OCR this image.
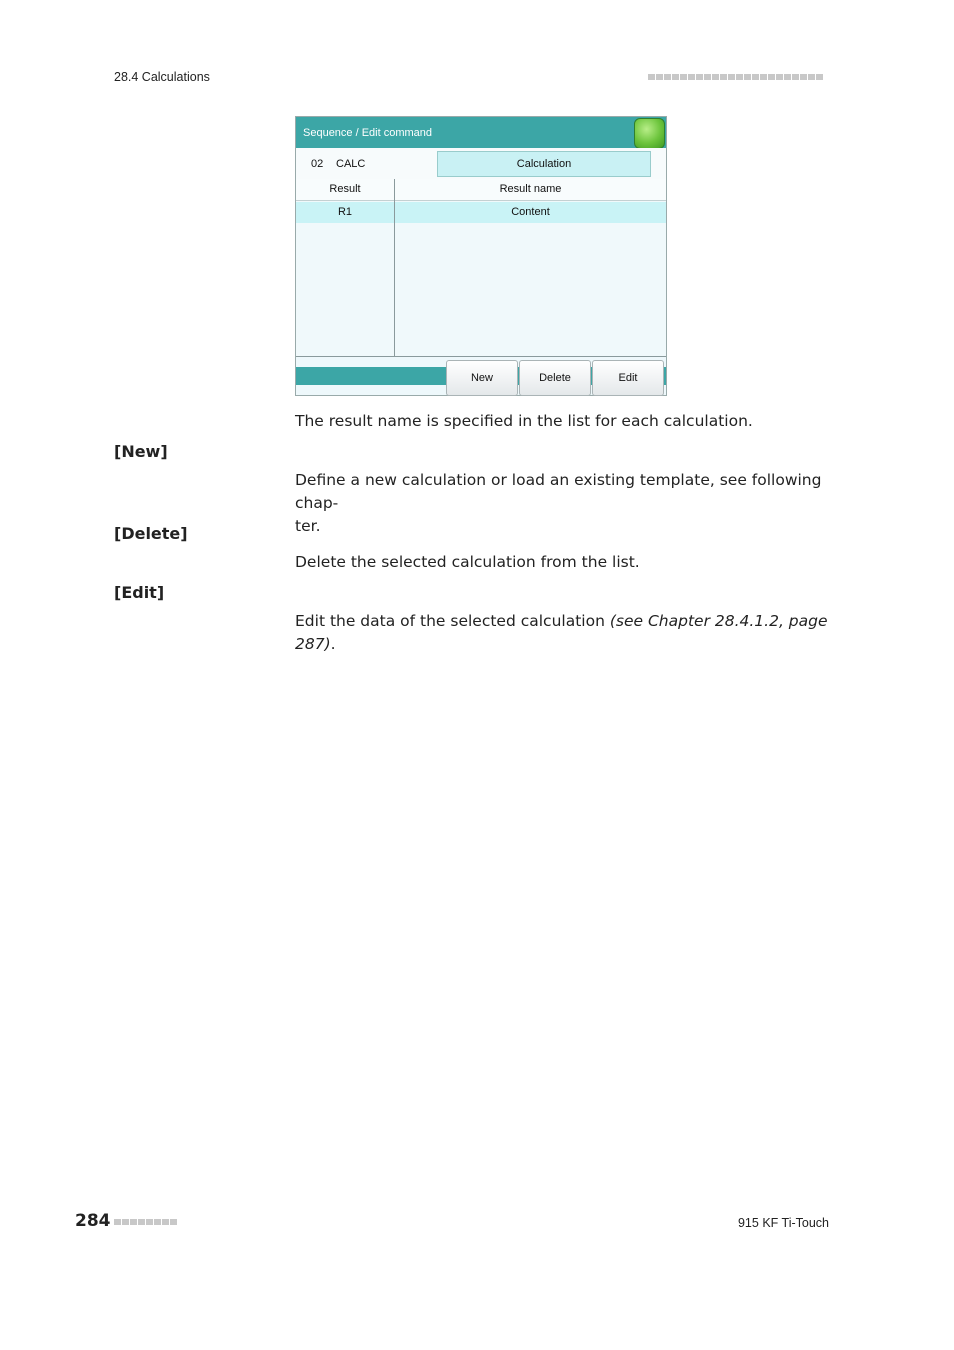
28.4 Calculations
Sequence / Edit command
02 CALC	Calculation
Result	Result name
R1	Content
New	Delete	Edit
The result name is specified in the list for each calculation.
[New]
Define a new calculation or load an existing template, see following chap-
ter.
[Delete]
Delete the selected calculation from the list.
[Edit]
Edit the data of the selected calculation (see Chapter 28.4.1.2, page
287).
284	915 KF Ti-Touch
